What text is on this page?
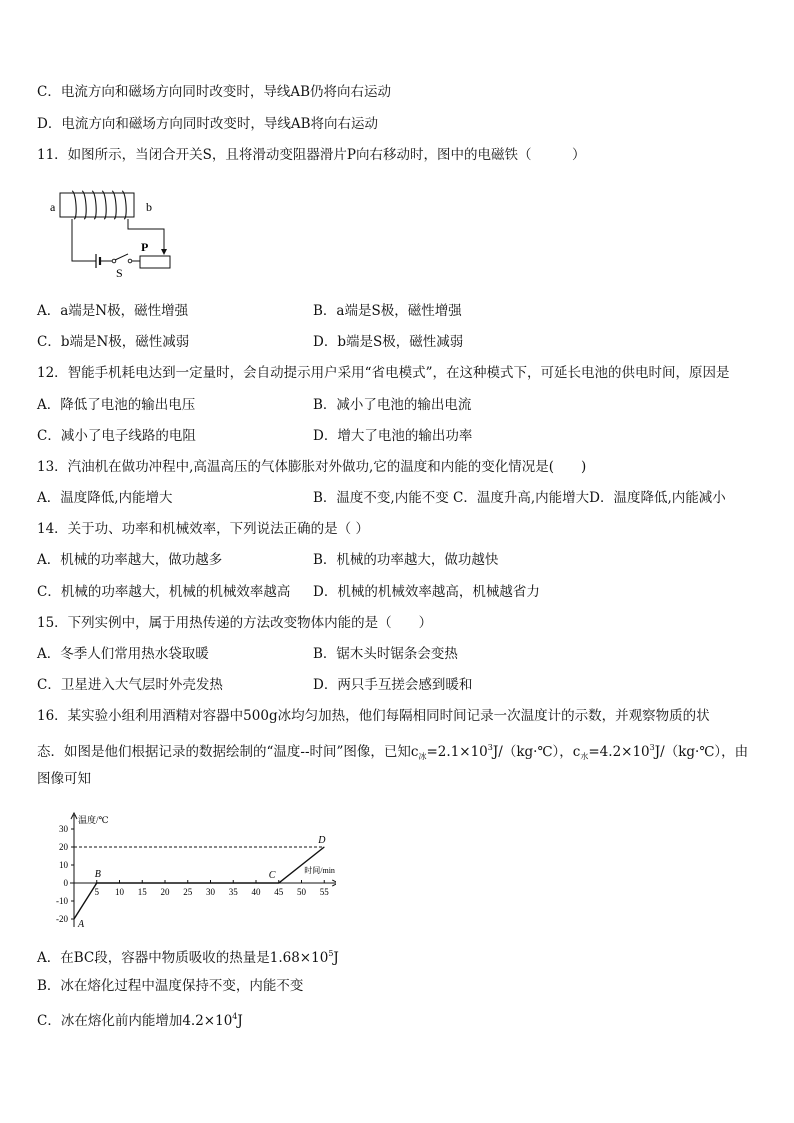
C．电流方向和磁场方向同时改变时，导线AB仍将向右运动
D．电流方向和磁场方向同时改变时，导线AB将向右运动
11．如图所示，当闭合开关S，且将滑动变阻器滑片P向右移动时，图中的电磁铁（　　　）
a	b
S
P
A．a端是N极，磁性增强	B．a端是S极，磁性增强
C．b端是N极，磁性减弱	D．b端是S极，磁性减弱
12．智能手机耗电达到一定量时，会自动提示用户采用“省电模式”，在这种模式下，可延长电池的供电时间，原因是
A．降低了电池的输出电压	B．减小了电池的输出电流
C．减小了电子线路的电阻	D．增大了电池的输出功率
13．汽油机在做功冲程中,高温高压的气体膨胀对外做功,它的温度和内能的变化情况是(　　)
A．温度降低,内能增大	B．温度不变,内能不变 C．温度升高,内能增大D．温度降低,内能减小
14．关于功、功率和机械效率，下列说法正确的是（ ）
A．机械的功率越大，做功越多	B．机械的功率越大，做功越快
C．机械的功率越大，机械的机械效率越高 D．机械的机械效率越高，机械越省力
15．下列实例中，属于用热传递的方法改变物体内能的是（　　）
A．冬季人们常用热水袋取暖	B．锯木头时锯条会变热
C．卫星进入大气层时外壳发热	D．两只手互搓会感到暖和
16．某实验小组利用酒精对容器中500g冰均匀加热，他们每隔相同时间记录一次温度计的示数，并观察物质的状
态．如图是他们根据记录的数据绘制的“温度--时间”图像，已知$c_冰=2.1\times 10^3J/(kg\cdot℃)$，$c_水=4.2\times 10^3J/(kg\cdot℃)$，由
图像可知
温度/℃
时间/min
30
20
10
0
-10
-20
5 10 15 20 25 30 35 40 45 50 55
A
B	C
D
A．在BC段，容器中物质吸收的热量是$1.68\times 10^5J$
B．冰在熔化过程中温度保持不变，内能不变
C．冰在熔化前内能增加$4.2\times 10^4J$
